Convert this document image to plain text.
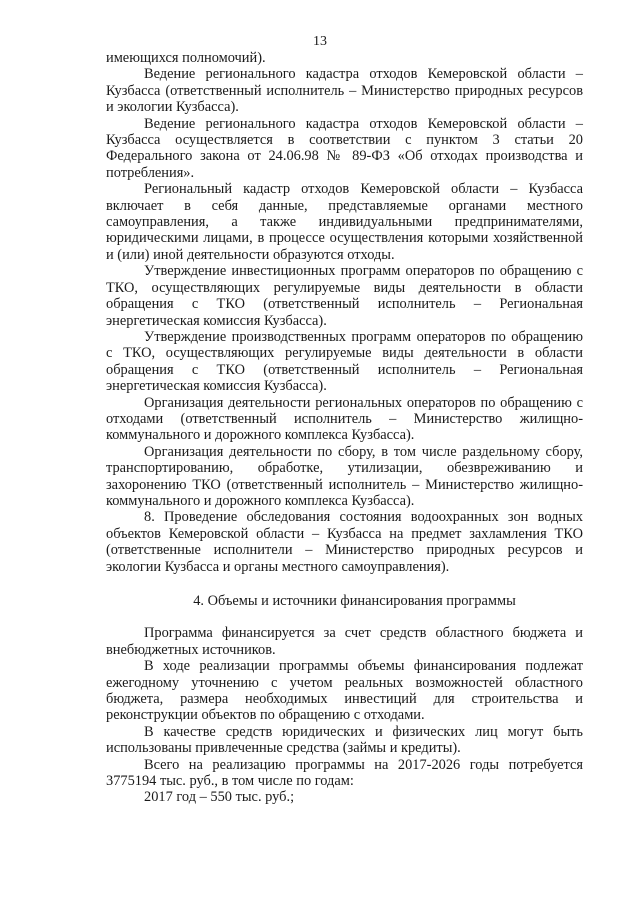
13

имеющихся полномочий).

Ведение регионального кадастра отходов Кемеровской области – Кузбасса (ответственный исполнитель – Министерство природных ресурсов и экологии Кузбасса).

Ведение регионального кадастра отходов Кемеровской области – Кузбасса осуществляется в соответствии с пунктом 3 статьи 20 Федерального закона от 24.06.98 № 89-ФЗ «Об отходах производства и потребления».

Региональный кадастр отходов Кемеровской области – Кузбасса включает в себя данные, представляемые органами местного самоуправления, а также индивидуальными предпринимателями, юридическими лицами, в процессе осуществления которыми хозяйственной и (или) иной деятельности образуются отходы.

Утверждение инвестиционных программ операторов по обращению с ТКО, осуществляющих регулируемые виды деятельности в области обращения с ТКО (ответственный исполнитель – Региональная энергетическая комиссия Кузбасса).

Утверждение производственных программ операторов по обращению с ТКО, осуществляющих регулируемые виды деятельности в области обращения с ТКО (ответственный исполнитель – Региональная энергетическая комиссия Кузбасса).

Организация деятельности региональных операторов по обращению с отходами (ответственный исполнитель – Министерство жилищно-коммунального и дорожного комплекса Кузбасса).

Организация деятельности по сбору, в том числе раздельному сбору, транспортированию, обработке, утилизации, обезвреживанию и захоронению ТКО (ответственный исполнитель – Министерство жилищно-коммунального и дорожного комплекса Кузбасса).

8. Проведение обследования состояния водоохранных зон водных объектов Кемеровской области – Кузбасса на предмет захламления ТКО (ответственные исполнители – Министерство природных ресурсов и экологии Кузбасса и органы местного самоуправления).

4. Объемы и источники финансирования программы

Программа финансируется за счет средств областного бюджета и внебюджетных источников.

В ходе реализации программы объемы финансирования подлежат ежегодному уточнению с учетом реальных возможностей областного бюджета, размера необходимых инвестиций для строительства и реконструкции объектов по обращению с отходами.

В качестве средств юридических и физических лиц могут быть использованы привлеченные средства (займы и кредиты).

Всего на реализацию программы на 2017-2026 годы потребуется 3775194 тыс. руб., в том числе по годам:

2017 год – 550 тыс. руб.;
